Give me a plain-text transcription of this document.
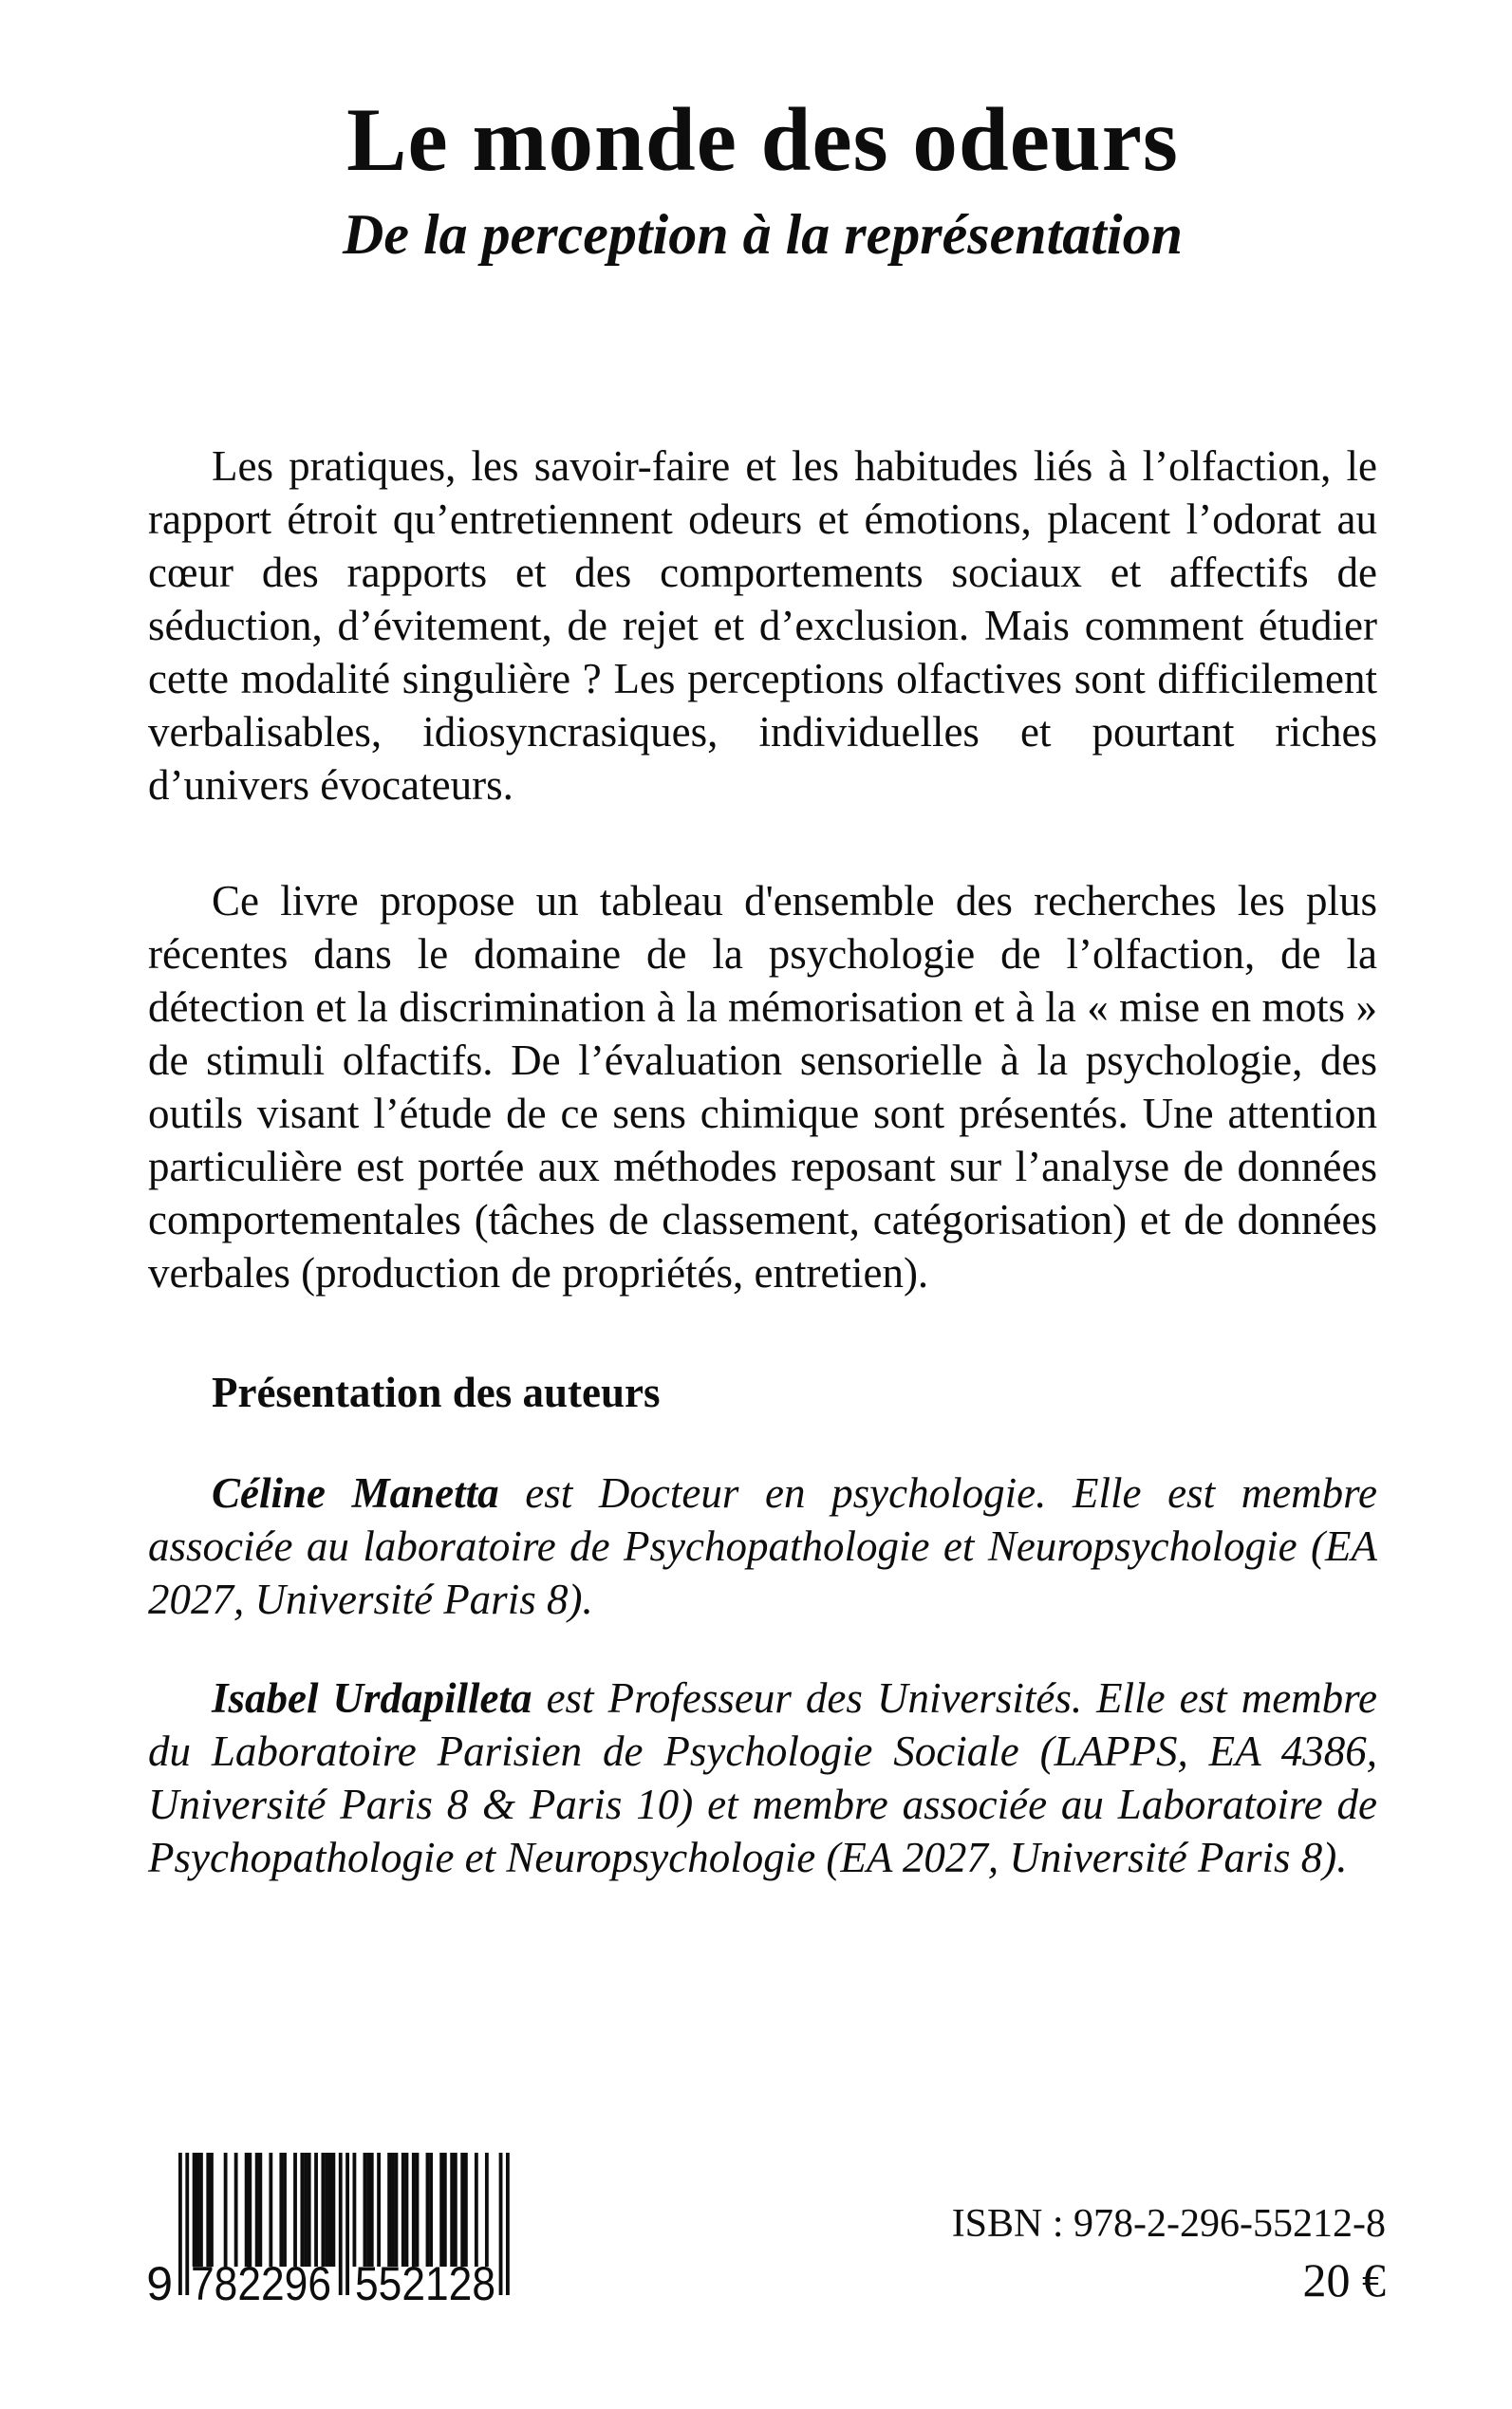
Le monde des odeurs
De la perception à la représentation

Les pratiques, les savoir-faire et les habitudes liés à l’olfaction, le rapport étroit qu’entretiennent odeurs et émotions, placent l’odorat au cœur des rapports et des comportements sociaux et affectifs de séduction, d’évitement, de rejet et d’exclusion. Mais comment étudier cette modalité singulière ? Les perceptions olfactives sont difficilement verbalisables, idiosyncrasiques, individuelles et pourtant riches d’univers évocateurs.

Ce livre propose un tableau d'ensemble des recherches les plus récentes dans le domaine de la psychologie de l’olfaction, de la détection et la discrimination à la mémorisation et à la « mise en mots » de stimuli olfactifs. De l’évaluation sensorielle à la psychologie, des outils visant l’étude de ce sens chimique sont présentés. Une attention particulière est portée aux méthodes reposant sur l’analyse de données comportementales (tâches de classement, catégorisation) et de données verbales (production de propriétés, entretien).

Présentation des auteurs

Céline Manetta est Docteur en psychologie. Elle est membre associée au laboratoire de Psychopathologie et Neuropsychologie (EA 2027, Université Paris 8).

Isabel Urdapilleta est Professeur des Universités. Elle est membre du Laboratoire Parisien de Psychologie Sociale (LAPPS, EA 4386, Université Paris 8 & Paris 10) et membre associée au Laboratoire de Psychopathologie et Neuropsychologie (EA 2027, Université Paris 8).

9 782296 552128
ISBN : 978-2-296-55212-8
20 €
